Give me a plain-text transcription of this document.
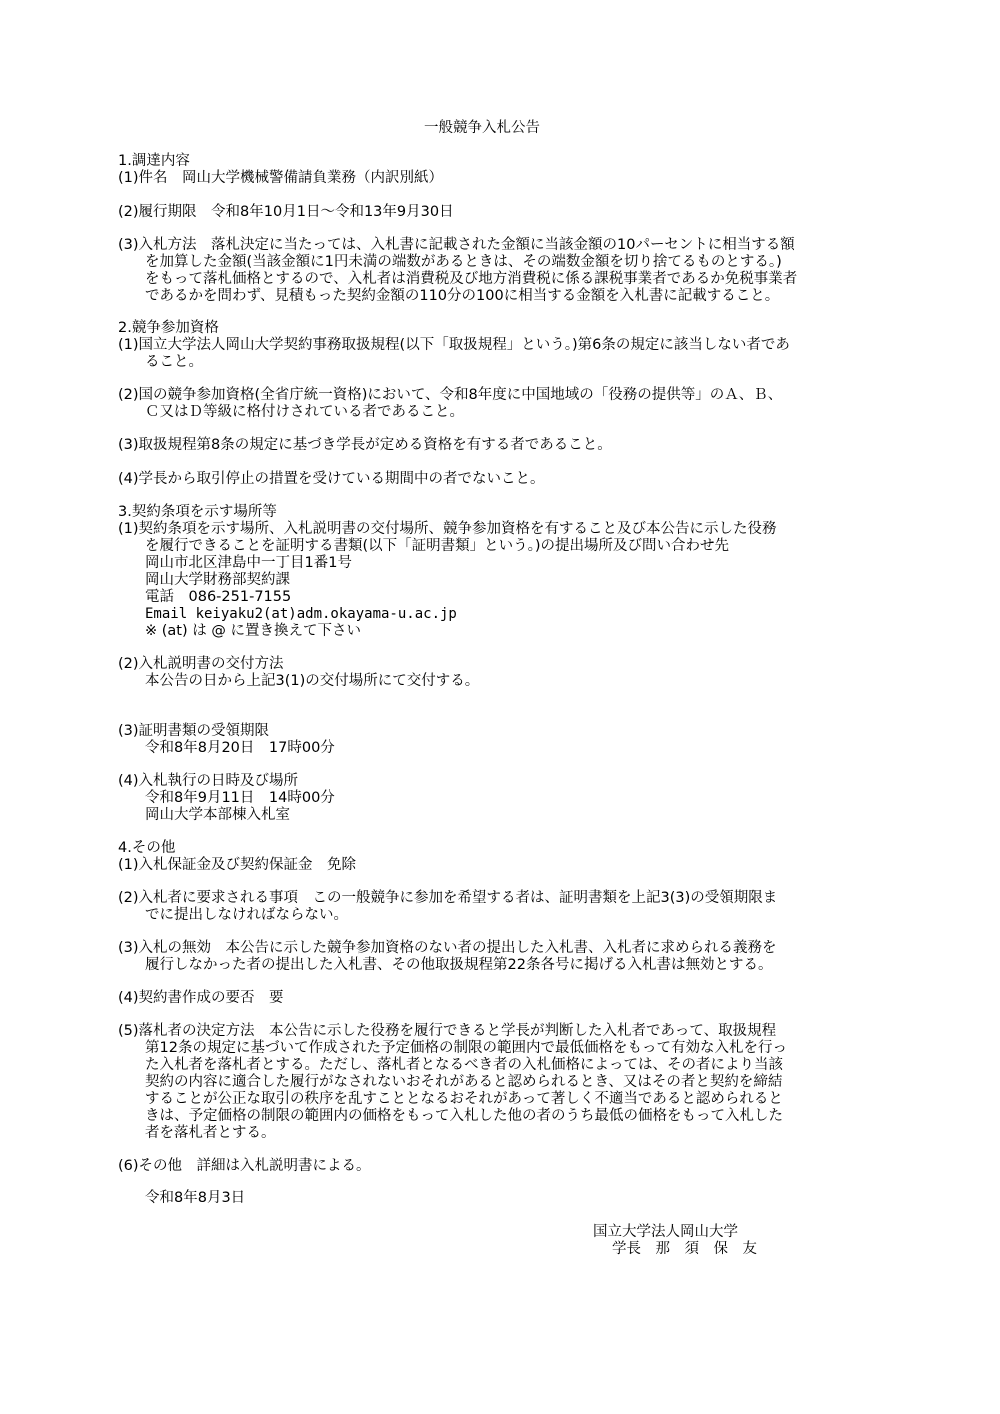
一般競争入札公告
1.調達内容
(1)件名　岡山大学機械警備請負業務（内訳別紙）
(2)履行期限　令和8年10月1日～令和13年9月30日
(3)入札方法　落札決定に当たっては、入札書に記載された金額に当該金額の10パーセントに相当する額
を加算した金額(当該金額に1円未満の端数があるときは、その端数金額を切り捨てるものとする。)
をもって落札価格とするので、入札者は消費税及び地方消費税に係る課税事業者であるか免税事業者
であるかを問わず、見積もった契約金額の110分の100に相当する金額を入札書に記載すること。
2.競争参加資格
(1)国立大学法人岡山大学契約事務取扱規程(以下「取扱規程」という。)第6条の規定に該当しない者であ
ること。
(2)国の競争参加資格(全省庁統一資格)において、令和8年度に中国地域の「役務の提供等」のＡ、Ｂ、
Ｃ又はＤ等級に格付けされている者であること。
(3)取扱規程第8条の規定に基づき学長が定める資格を有する者であること。
(4)学長から取引停止の措置を受けている期間中の者でないこと。
3.契約条項を示す場所等
(1)契約条項を示す場所、入札説明書の交付場所、競争参加資格を有すること及び本公告に示した役務
を履行できることを証明する書類(以下「証明書類」という。)の提出場所及び問い合わせ先
岡山市北区津島中一丁目1番1号
岡山大学財務部契約課
電話　086-251-7155
Email keiyaku2(at)adm.okayama-u.ac.jp
※ (at) は @ に置き換えて下さい
(2)入札説明書の交付方法
本公告の日から上記3(1)の交付場所にて交付する。
(3)証明書類の受領期限
令和8年8月20日　17時00分
(4)入札執行の日時及び場所
令和8年9月11日　14時00分
岡山大学本部棟入札室
4.その他
(1)入札保証金及び契約保証金　免除
(2)入札者に要求される事項　この一般競争に参加を希望する者は、証明書類を上記3(3)の受領期限ま
でに提出しなければならない。
(3)入札の無効　本公告に示した競争参加資格のない者の提出した入札書、入札者に求められる義務を
履行しなかった者の提出した入札書、その他取扱規程第22条各号に掲げる入札書は無効とする。
(4)契約書作成の要否　要
(5)落札者の決定方法　本公告に示した役務を履行できると学長が判断した入札者であって、取扱規程
第12条の規定に基づいて作成された予定価格の制限の範囲内で最低価格をもって有効な入札を行っ
た入札者を落札者とする。ただし、落札者となるべき者の入札価格によっては、その者により当該
契約の内容に適合した履行がなされないおそれがあると認められるとき、又はその者と契約を締結
することが公正な取引の秩序を乱すこととなるおそれがあって著しく不適当であると認められると
きは、予定価格の制限の範囲内の価格をもって入札した他の者のうち最低の価格をもって入札した
者を落札者とする。
(6)その他　詳細は入札説明書による。
令和8年8月3日
国立大学法人岡山大学
学長　那　須　保　友
